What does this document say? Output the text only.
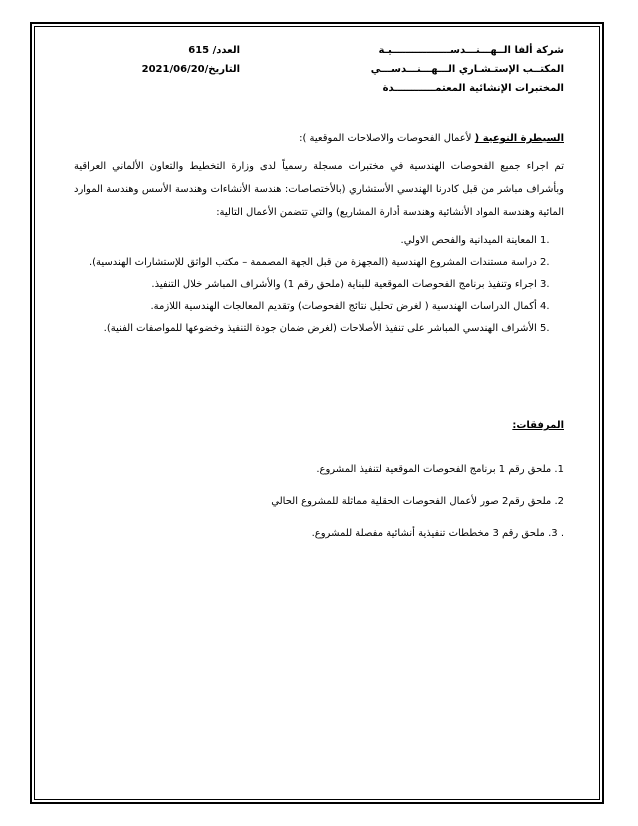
شركة ألفا الــهـــنـــدســـــــــــــــــيـة
المكتــب الإستـشـاري الـــهـــنـــدســـي
المختبرات الإنشائية المعتمــــــــــــدة
العدد/ 615
التاريخ/2021/06/20
السيطرة النوعية ( لأعمال الفحوصات والاصلاحات الموقعية ):
تم اجراء جميع الفحوصات الهندسية في مختبرات مسجلة رسمياً لدى وزارة التخطيط والتعاون الألماني العراقية وبأشراف مباشر من قبل كادرنا الهندسي الأستشاري (بالأختصاصات: هندسة الأنشاءات وهندسة الأسس وهندسة الموارد المائية وهندسة المواد الأنشائية وهندسة أدارة المشاريع) والتي تتضمن الأعمال التالية:
1. المعاينة الميدانية والفحص الاولي.
2. دراسة مستندات المشروع الهندسية (المجهزة من قبل الجهة المصممة – مكتب الواثق للإستشارات الهندسية).
3. اجراء وتنفيذ برنامج الفحوصات الموقعية للبناية (ملحق رقم 1) والأشراف المباشر خلال التنفيذ.
4. أكمال الدراسات الهندسية ( لغرض تحليل نتائج الفحوصات) وتقديم المعالجات الهندسية اللازمة.
5. الأشراف الهندسي المباشر على تنفيذ الأصلاحات (لغرض ضمان جودة التنفيذ وخضوعها للمواصفات الفنية).
المرفقات:
1. ملحق رقم 1 برنامج الفحوصات الموقعية لتنفيذ المشروع.
2. ملحق رقم2 صور لأعمال الفحوصات الحقلية مماثلة للمشروع الحالي
. 3. ملحق رقم 3 مخططات تنفيذية أنشائية مفصلة للمشروع.
